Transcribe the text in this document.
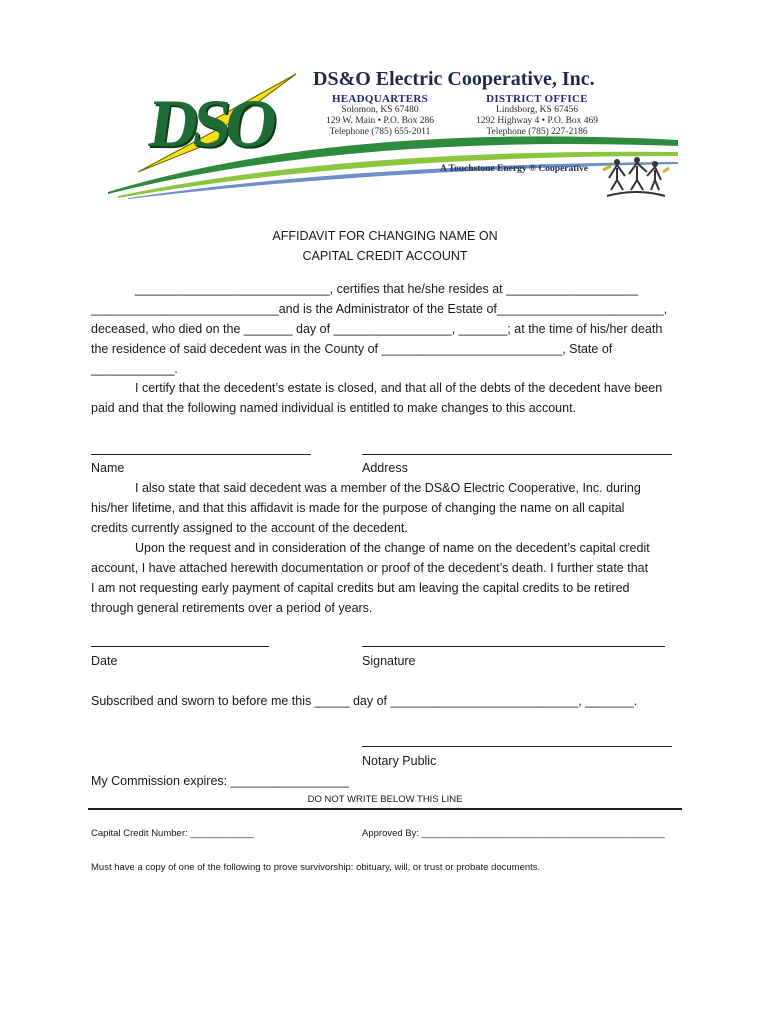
DSO
DS&O Electric Cooperative, Inc.
HEADQUARTERS
Solomon, KS 67480
129 W. Main • P.O. Box 286
Telephone (785) 655-2011
DISTRICT OFFICE
Lindsborg, KS 67456
1292 Highway 4 • P.O. Box 469
Telephone (785) 227-2186
A Touchstone Energy ® Cooperative
AFFIDAVIT FOR CHANGING NAME ON
CAPITAL CREDIT ACCOUNT
____________________________, certifies that he/she resides at ___________________
___________________________and is the Administrator of the Estate of________________________,
deceased, who died on the _______ day of _________________, _______; at the time of his/her death
the residence of said decedent was in the County of __________________________, State of
____________.
I certify that the decedent’s estate is closed, and that all of the debts of the decedent have been
paid and that the following named individual is entitled to make changes to this account.
Name	Address
I also state that said decedent was a member of the DS&O Electric Cooperative, Inc. during
his/her lifetime, and that this affidavit is made for the purpose of changing the name on all capital
credits currently assigned to the account of the decedent.
Upon the request and in consideration of the change of name on the decedent’s capital credit
account, I have attached herewith documentation or proof of the decedent’s death. I further state that
I am not requesting early payment of capital credits but am leaving the capital credits to be retired
through general retirements over a period of years.
Date	Signature
Subscribed and sworn to before me this _____ day of ___________________________, _______.
Notary Public
My Commission expires: _________________
DO NOT WRITE BELOW THIS LINE
Capital Credit Number: ____________	Approved By: ______________________________________________
Must have a copy of one of the following to prove survivorship: obituary, will, or trust or probate documents.
